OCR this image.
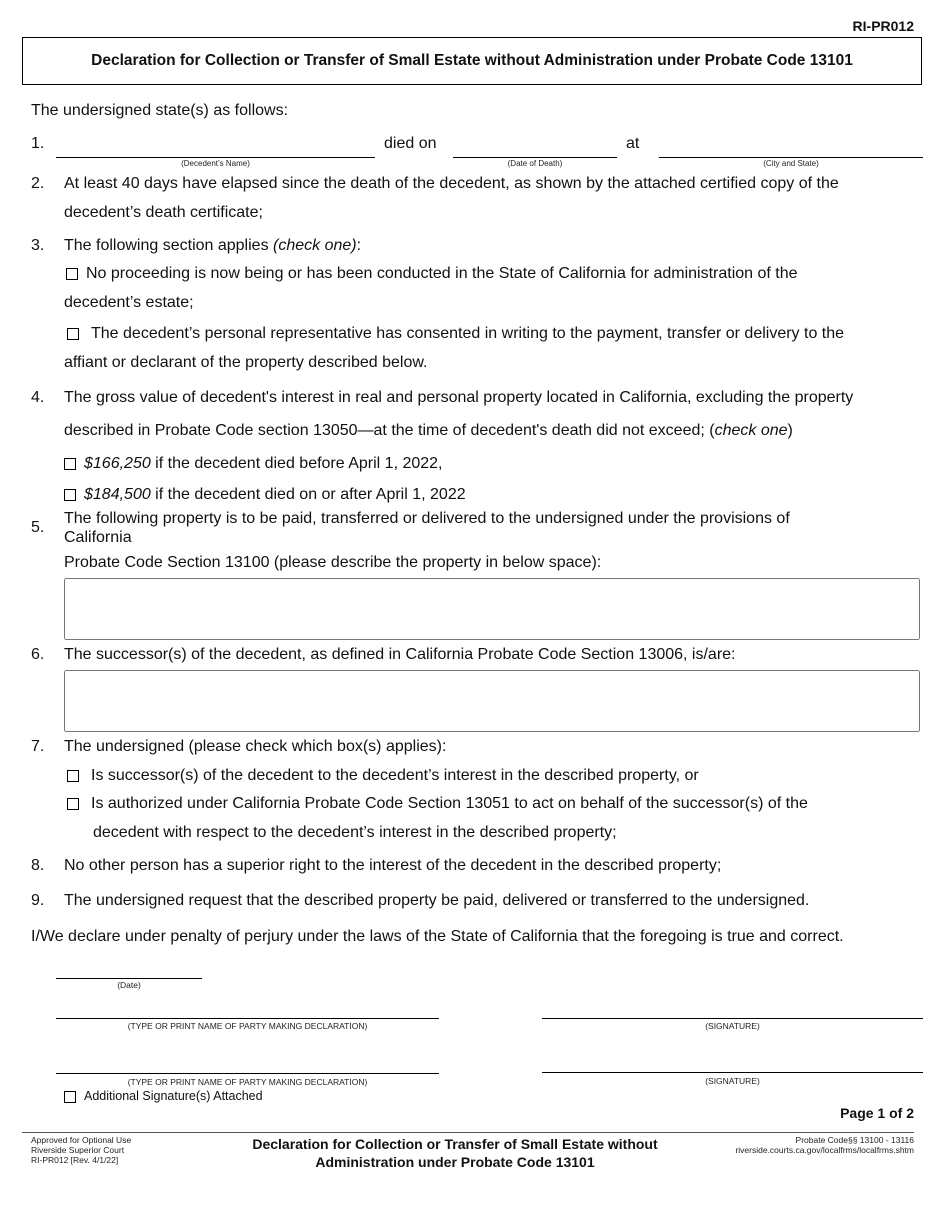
RI-PR012
Declaration for Collection or Transfer of Small Estate without Administration under Probate Code 13101
The undersigned state(s) as follows:
1.
(Decedent’s Name)
died on
(Date of Death)
at
(City and State)
2. At least 40 days have elapsed since the death of the decedent, as shown by the attached certified copy of the
decedent’s death certificate;
3. The following section applies (check one):
No proceeding is now being or has been conducted in the State of California for administration of the
decedent’s estate;
The decedent’s personal representative has consented in writing to the payment, transfer or delivery to the
affiant or declarant of the property described below.
4. The gross value of decedent's interest in real and personal property located in California, excluding the property
described in Probate Code section 13050—at the time of decedent's death did not exceed; (check one)
$166,250 if the decedent died before April 1, 2022,
$184,500 if the decedent died on or after April 1, 2022
5.
The following property is to be paid, transferred or delivered to the undersigned under the provisions of
California
Probate Code Section 13100 (please describe the property in below space):
6. The successor(s) of the decedent, as defined in California Probate Code Section 13006, is/are:
7. The undersigned (please check which box(s) applies):
Is successor(s) of the decedent to the decedent’s interest in the described property, or
Is authorized under California Probate Code Section 13051 to act on behalf of the successor(s) of the
decedent with respect to the decedent’s interest in the described property;
8. No other person has a superior right to the interest of the decedent in the described property;
9. The undersigned request that the described property be paid, delivered or transferred to the undersigned.
I/We declare under penalty of perjury under the laws of the State of California that the foregoing is true and correct.
(Date)
(TYPE OR PRINT NAME OF PARTY MAKING DECLARATION)	(SIGNATURE)
(TYPE OR PRINT NAME OF PARTY MAKING DECLARATION)	(SIGNATURE)
Additional Signature(s) Attached
Page 1 of 2
Approved for Optional Use
Riverside Superior Court
RI-PR012 [Rev. 4/1/22]
Declaration for Collection or Transfer of Small Estate without
Administration under Probate Code 13101
Probate Code§§ 13100 - 13116
riverside.courts.ca.gov/localfrms/localfrms.shtm
